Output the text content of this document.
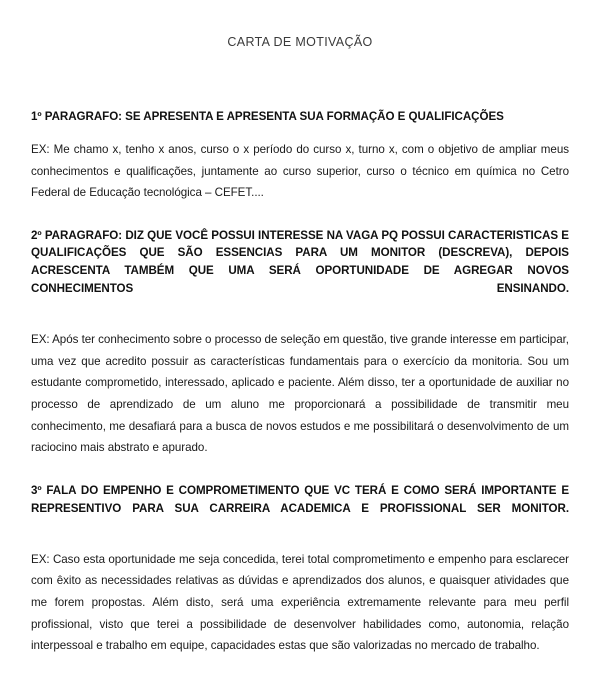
CARTA DE MOTIVAÇÃO

1º PARAGRAFO: SE APRESENTA E APRESENTA SUA FORMAÇÃO E QUALIFICAÇÕES

EX: Me chamo x, tenho x anos, curso o x período do curso x, turno x, com o objetivo de ampliar meus conhecimentos e qualificações, juntamente ao curso superior, curso o técnico em química no Cetro Federal de Educação tecnológica – CEFET....

2º PARAGRAFO: DIZ QUE VOCÊ POSSUI INTERESSE NA VAGA PQ POSSUI CARACTERISTICAS E QUALIFICAÇÕES QUE SÃO ESSENCIAS PARA UM MONITOR (DESCREVA), DEPOIS ACRESCENTA TAMBÉM QUE UMA SERÁ OPORTUNIDADE DE AGREGAR NOVOS CONHECIMENTOS ENSINANDO.

EX: Após ter conhecimento sobre o processo de seleção em questão, tive grande interesse em participar, uma vez que acredito possuir as características fundamentais para o exercício da monitoria. Sou um estudante comprometido, interessado, aplicado e paciente. Além disso, ter a oportunidade de auxiliar no processo de aprendizado de um aluno me proporcionará a possibilidade de transmitir meu conhecimento, me desafiará para a busca de novos estudos e me possibilitará o desenvolvimento de um raciocino mais abstrato e apurado.

3º FALA DO EMPENHO E COMPROMETIMENTO QUE VC TERÁ E COMO SERÁ IMPORTANTE E REPRESENTIVO PARA SUA CARREIRA ACADEMICA E PROFISSIONAL SER MONITOR.

EX: Caso esta oportunidade me seja concedida, terei total comprometimento e empenho para esclarecer com êxito as necessidades relativas as dúvidas e aprendizados dos alunos, e quaisquer atividades que me forem propostas. Além disto, será uma experiência extremamente relevante para meu perfil profissional, visto que terei a possibilidade de desenvolver habilidades como, autonomia, relação interpessoal e trabalho em equipe, capacidades estas que são valorizadas no mercado de trabalho.
